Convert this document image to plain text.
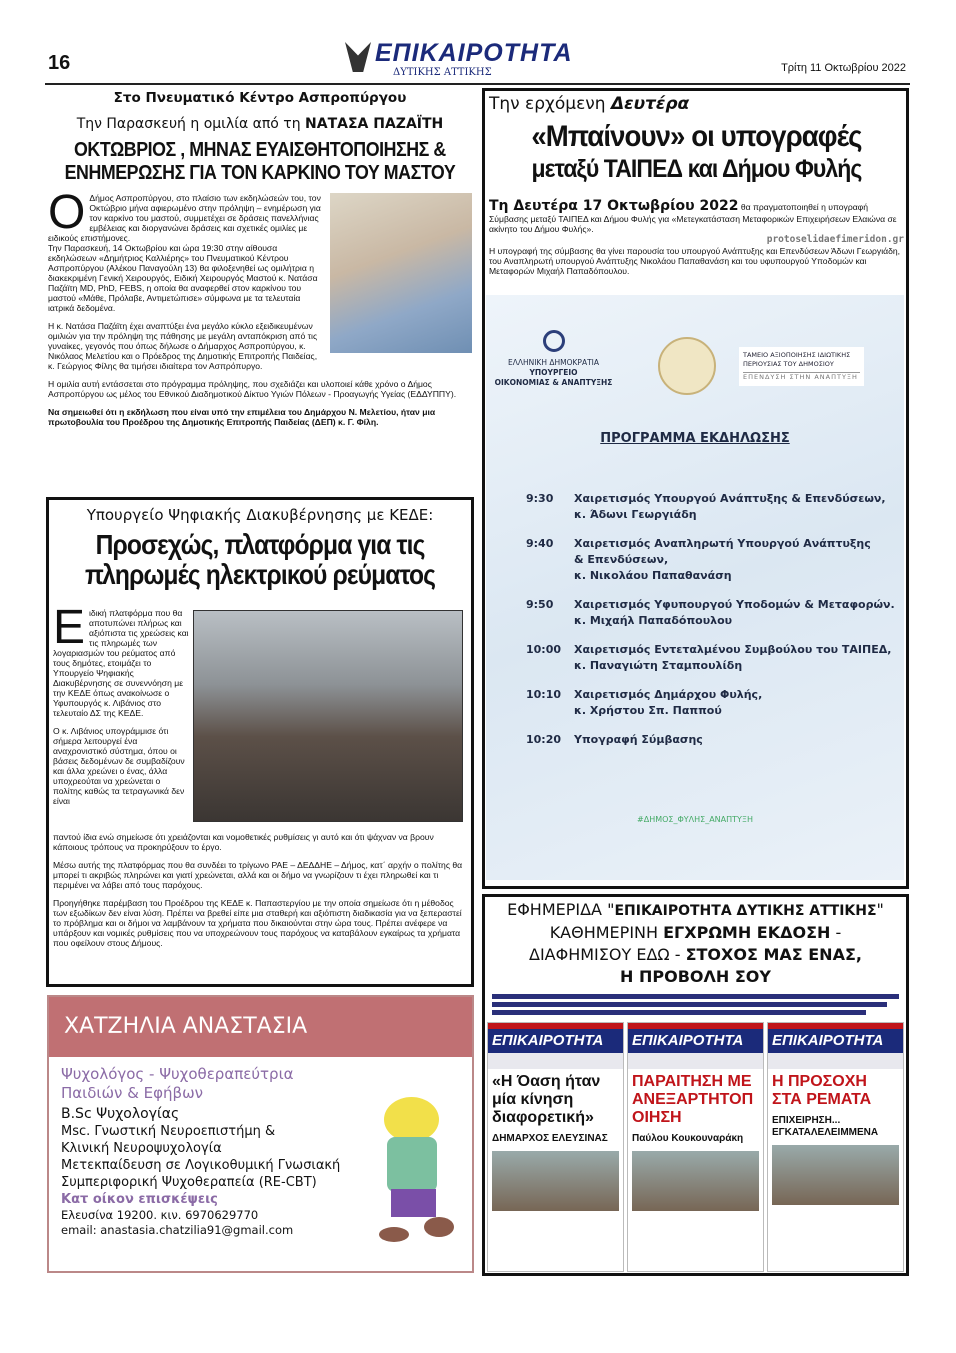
16	ΕΠΙΚΑΙΡΟΤΗΤΑ
ΔΥΤΙΚΗΣ ΑΤΤΙΚΗΣ	Τρίτη 11 Οκτωβρίου 2022
Στο Πνευματικό Κέντρο Ασπροπύργου
Την Παρασκευή η ομιλία από τη ΝΑΤΑΣΑ ΠΑΖΑΪΤΗ
ΟΚΤΩΒΡΙΟΣ , ΜΗΝΑΣ ΕΥΑΙΣΘΗΤΟΠΟΙΗΣΗΣ & ΕΝΗΜΕΡΩΣΗΣ ΓΙΑ ΤΟΝ ΚΑΡΚΙΝΟ ΤΟΥ ΜΑΣΤΟΥ
Ο Δήμος Ασπροπύργου, στο πλαίσιο των εκδηλώσεών του, τον Οκτώβριο μήνα αφιερωμένο στην πρόληψη – ενημέρωση για τον καρκίνο του μαστού, συμμετέχει σε δράσεις πανελλήνιας εμβέλειας και διοργανώνει δράσεις και σχετικές ομιλίες με ειδικούς επιστήμονες.

Την Παρασκευή, 14 Οκτωβρίου και ώρα 19:30 στην αίθουσα εκδηλώσεων «Δημήτριος Καλλιέρης» του Πνευματικού Κέντρου Ασπροπύργου (Αλέκου Παναγούλη 13) θα φιλοξενηθεί ως ομιλήτρια η διακεκριμένη Γενική Χειρουργός, Ειδική Χειρουργός Μαστού κ. Νατάσα Παζάϊτη MD, PhD, FEBS, η οποία θα αναφερθεί στον καρκίνου του μαστού «Μάθε, Πρόλαβε, Αντιμετώπισε» σύμφωνα με τα τελευταία ιατρικά δεδομένα.

Η κ. Νατάσα Παζάϊτη έχει αναπτύξει ένα μεγάλο κύκλο εξειδικευμένων ομιλιών για την πρόληψη της πάθησης με μεγάλη ανταπόκριση από τις γυναίκες, γεγονός που όπως δήλωσε ο Δήμαρχος Ασπροπύργου, κ. Νικόλαος Μελετίου και ο Πρόεδρος της Δημοτικής Επιτροπής Παιδείας, κ. Γεώργιος Φίλης θα τιμήσει ιδιαίτερα τον Ασπρόπυργο.

Η ομιλία αυτή εντάσσεται στο πρόγραμμα πρόληψης, που σχεδιάζει και υλοποιεί κάθε χρόνο ο Δήμος Ασπροπύργου ως μέλος του Εθνικού Διαδημοτικού Δίκτυο Υγιών Πόλεων - Προαγωγής Υγείας (ΕΔΔΥΠΠΥ).

Να σημειωθεί ότι η εκδήλωση που είναι υπό την επιμέλεια του Δημάρχου Ν. Μελετίου, ήταν μια πρωτοβουλία του Προέδρου της Δημοτικής Επιτροπής Παιδείας (ΔΕΠ) κ. Γ. Φίλη.

Υπουργείο Ψηφιακής Διακυβέρνησης με ΚΕΔΕ:
Προσεχώς, πλατφόρμα για τις πληρωμές ηλεκτρικού ρεύματος
Ε ιδική πλατφόρμα που θα αποτυπώνει πλήρως και αξιόπιστα τις χρεώσεις και τις πληρωμές των λογαριασμών του ρεύματος από τους δημότες, ετοιμάζει το Υπουργείο Ψηφιακής Διακυβέρνησης σε συνεννόηση με την ΚΕΔΕ όπως ανακοίνωσε ο Υφυπουργός κ. Λιβάνιος στο τελευταίο ΔΣ της ΚΕΔΕ.

Ο κ. Λιβάνιος υπογράμμισε ότι σήμερα λειτουργεί ένα αναχρονιστικό σύστημα, όπου οι βάσεις δεδομένων δε συμβαδίζουν και άλλα χρεώνει ο ένας, άλλα υποχρεούται να χρεώνεται ο πολίτης καθώς τα τετραγωνικά δεν είναι

παντού ίδια ενώ σημείωσε ότι χρειάζονται και νομοθετικές ρυθμίσεις γι αυτό και ότι ψάχναν να βρουν κάποιους τρόπους να προκηρύξουν το έργο.

Μέσω αυτής της πλατφόρμας που θα συνδέει το τρίγωνο ΡΑΕ – ΔΕΔΔΗΕ – Δήμος, κατ΄ αρχήν ο πολίτης θα μπορεί τι ακριβώς πληρώνει και γιατί χρεώνεται, αλλά και οι δήμο να γνωρίζουν τι έχει πληρωθεί και τι περιμένει να λάβει από τους παρόχους.

Προηγήθηκε παρέμβαση του Προέδρου της ΚΕΔΕ κ. Παπαστεργίου με την οποία σημείωσε ότι η μέθοδος των εξωδίκων δεν είναι λύση. Πρέπει να βρεθεί είπε μια σταθερή και αξιόπιστη διαδικασία για να ξεπεραστεί το πρόβλημα και οι δήμοι να λαμβάνουν τα χρήματα που δικαιούνται στην ώρα τους. Πρέπει ανέφερε να υπάρξουν και νομικές ρυθμίσεις που να υποχρεώνουν τους παρόχους να καταβάλουν εγκαίρως τα χρήματα που οφείλουν στους Δήμους.

ΧΑΤΖΗΛΙΑ ΑΝΑΣΤΑΣΙΑ
Ψυχολόγος - Ψυχοθεραπεύτρια
Παιδιών & Εφήβων
B.Sc Ψυχολογίας
Msc. Γνωστική Νευροεπιστήμη &
Κλινική Νευροψυχολογία
Μετεκπαίδευση σε Λογικοθυμική Γνωσιακή
Συμπεριφορική Ψυχοθεραπεία (RE-CBT)
Κατ οίκον επισκέψεις
Ελευσίνα 19200. κιν. 6970629770
email: anastasia.chatzilia91@gmail.com
Την ερχόμενη Δευτέρα
«Μπαίνουν» οι υπογραφές
μεταξύ ΤΑΙΠΕΔ και Δήμου Φυλής

Τη Δευτέρα 17 Οκτωβρίου 2022 θα πραγματοποιηθεί η υπογραφή Σύμβασης μεταξύ ΤΑΙΠΕΔ και Δήμου Φυλής για «Μετεγκατάσταση Μεταφορικών Επιχειρήσεων Ελαιώνα σε ακίνητο του Δήμου Φυλής».

protoselidaefimeridon.gr

Η υπογραφή της σύμβασης θα γίνει παρουσία του υπουργού Ανάπτυξης και Επενδύσεων Άδωνι Γεωργιάδη, του Αναπληρωτή υπουργού Ανάπτυξης Νικολάου Παπαθανάση και του υφυπουργού Υποδομών και Μεταφορών Μιχαήλ Παπαδόπουλου.

ΕΛΛΗΝΙΚΗ ΔΗΜΟΚΡΑΤΙΑ
ΥΠΟΥΡΓΕΙΟ
ΟΙΚΟΝΟΜΙΑΣ & ΑΝΑΠΤΥΞΗΣ
ΤΑΜΕΙΟ ΑΞΙΟΠΟΙΗΣΗΣ ΙΔΙΩΤΙΚΗΣ
ΠΕΡΙΟΥΣΙΑΣ ΤΟΥ ΔΗΜΟΣΙΟΥ
ΕΠΕΝΔΥΣΗ ΣΤΗΝ ΑΝΑΠΤΥΞΗ
ΠΡΟΓΡΑΜΜΑ ΕΚΔΗΛΩΣΗΣ
9:30	Χαιρετισμός Υπουργού Ανάπτυξης & Επενδύσεων,
κ. Άδωνι Γεωργιάδη
9:40	Χαιρετισμός Αναπληρωτή Υπουργού Ανάπτυξης
& Επενδύσεων,
κ. Νικολάου Παπαθανάση
9:50	Χαιρετισμός Υφυπουργού Υποδομών & Μεταφορών.
κ. Μιχαήλ Παπαδόπουλου
10:00	Χαιρετισμός Εντεταλμένου Συμβούλου του ΤΑΙΠΕΔ,
κ. Παναγιώτη Σταμπουλίδη
10:10	Χαιρετισμός Δημάρχου Φυλής,
κ. Χρήστου Σπ. Παππού
10:20	Υπογραφή Σύμβασης
#ΔΗΜΟΣ_ΦΥΛΗΣ_ΑΝΑΠΤΥΞΗ
ΕΦΗΜΕΡΙΔΑ "ΕΠΙΚΑΙΡΟΤΗΤΑ ΔΥΤΙΚΗΣ ΑΤΤΙΚΗΣ"
ΚΑΘΗΜΕΡΙΝΗ ΕΓΧΡΩΜΗ ΕΚΔΟΣΗ -
ΔΙΑΦΗΜΙΣΟΥ ΕΔΩ - ΣΤΟΧΟΣ ΜΑΣ ΕΝΑΣ,
Η ΠΡΟΒΟΛΗ ΣΟΥ
ΕΠΙΚΑΙΡΟΤΗΤΑ
«Η Όαση ήταν μία κίνηση διαφορετική»
ΔΗΜΑΡΧΟΣ ΕΛΕΥΣΙΝΑΣ
ΕΠΙΚΑΙΡΟΤΗΤΑ
ΠΑΡΑΙΤΗΣΗ ΜΕ ΑΝΕΞΑΡΤΗΤΟΠΟΙΗΣΗ
Παύλου Κουκουναράκη
ΕΠΙΚΑΙΡΟΤΗΤΑ
Η ΠΡΟΣΟΧΗ ΣΤΑ ΡΕΜΑΤΑ
ΕΠΙΧΕΙΡΗΣΗ... ΕΓΚΑΤΑΛΕΛΕΙΜΜΕΝΑ
